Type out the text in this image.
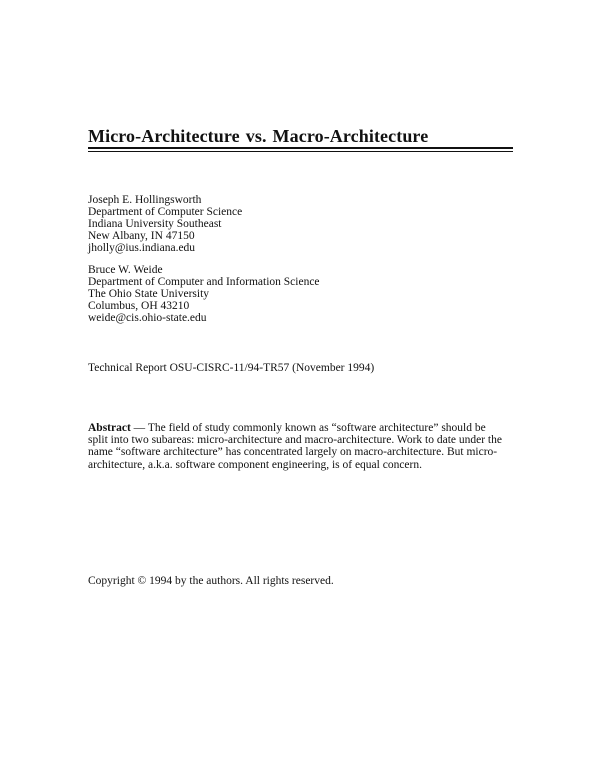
Micro-Architecture vs. Macro-Architecture
Joseph E. Hollingsworth
Department of Computer Science
Indiana University Southeast
New Albany, IN 47150
jholly@ius.indiana.edu
Bruce W. Weide
Department of Computer and Information Science
The Ohio State University
Columbus, OH 43210
weide@cis.ohio-state.edu
Technical Report OSU-CISRC-11/94-TR57 (November 1994)
Abstract — The field of study commonly known as “software architecture” should be
split into two subareas: micro-architecture and macro-architecture. Work to date under the
name “software architecture” has concentrated largely on macro-architecture. But micro-
architecture, a.k.a. software component engineering, is of equal concern.
Copyright © 1994 by the authors. All rights reserved.
